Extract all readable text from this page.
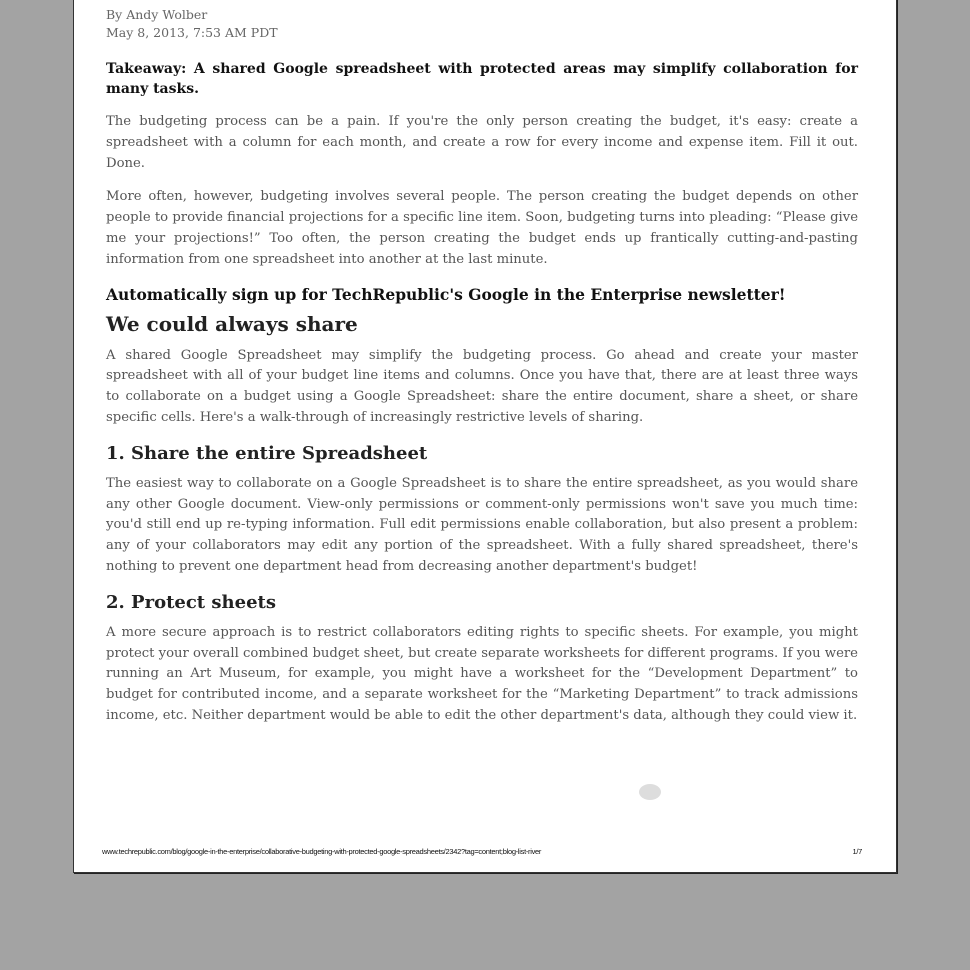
By Andy Wolber
May 8, 2013, 7:53 AM PDT
Takeaway: A shared Google spreadsheet with protected areas may simplify collaboration for many tasks.

The budgeting process can be a pain. If you're the only person creating the budget, it's easy: create a spreadsheet with a column for each month, and create a row for every income and expense item. Fill it out. Done.

More often, however, budgeting involves several people. The person creating the budget depends on other people to provide financial projections for a specific line item. Soon, budgeting turns into pleading: “Please give me your projections!” Too often, the person creating the budget ends up frantically cutting-and-pasting information from one spreadsheet into another at the last minute.

Automatically sign up for TechRepublic's Google in the Enterprise newsletter!
We could always share

A shared Google Spreadsheet may simplify the budgeting process. Go ahead and create your master spreadsheet with all of your budget line items and columns. Once you have that, there are at least three ways to collaborate on a budget using a Google Spreadsheet: share the entire document, share a sheet, or share specific cells. Here's a walk-through of increasingly restrictive levels of sharing.

1. Share the entire Spreadsheet

The easiest way to collaborate on a Google Spreadsheet is to share the entire spreadsheet, as you would share any other Google document. View-only permissions or comment-only permissions won't save you much time: you'd still end up re-typing information. Full edit permissions enable collaboration, but also present a problem: any of your collaborators may edit any portion of the spreadsheet. With a fully shared spreadsheet, there's nothing to prevent one department head from decreasing another department's budget!

2. Protect sheets

A more secure approach is to restrict collaborators editing rights to specific sheets. For example, you might protect your overall combined budget sheet, but create separate worksheets for different programs. If you were running an Art Museum, for example, you might have a worksheet for the “Development Department” to budget for contributed income, and a separate worksheet for the “Marketing Department” to track admissions income, etc. Neither department would be able to edit the other department's data, although they could view it.

www.techrepublic.com/blog/google-in-the-enterprise/collaborative-budgeting-with-protected-google-spreadsheets/2342?tag=content;blog-list-river	1/7
